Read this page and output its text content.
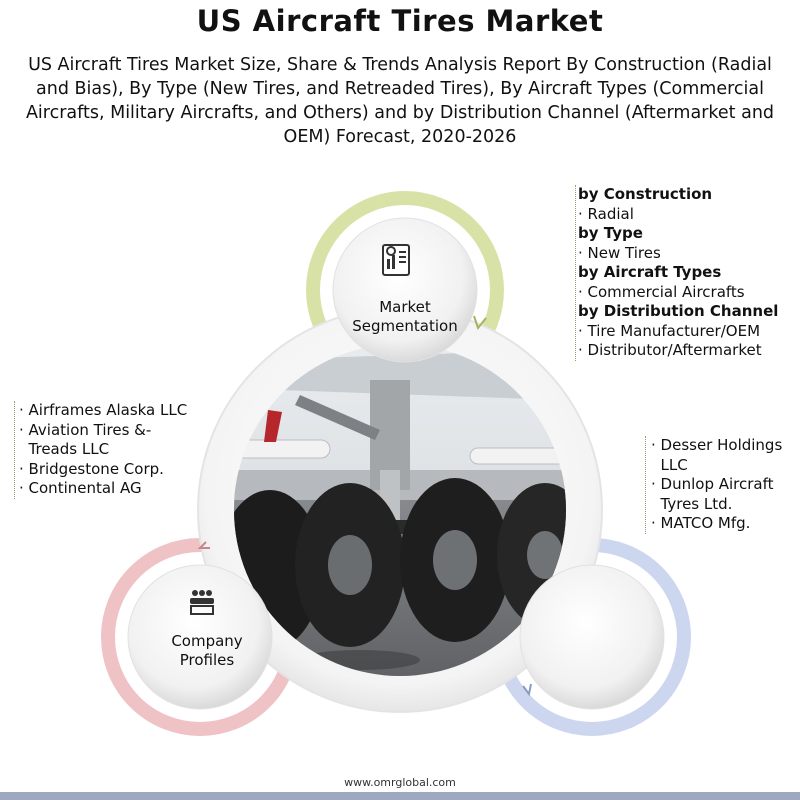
Market
Segmentation
Company
Profiles
US Aircraft Tires Market
US Aircraft Tires Market Size, Share & Trends Analysis Report By Construction (Radial and Bias), By Type (New Tires, and Retreaded Tires), By Aircraft Types (Commercial Aircrafts, Military Aircrafts, and Others) and by Distribution Channel (Aftermarket and OEM) Forecast, 2020-2026
by Construction
· Radial
by Type
· New Tires
by Aircraft Types
· Commercial Aircrafts
by Distribution Channel
· Tire Manufacturer/OEM
· Distributor/Aftermarket
· Airframes Alaska LLC
· Aviation Tires &-
Treads LLC
· Bridgestone Corp.
· Continental AG
· Desser Holdings
LLC
· Dunlop Aircraft
Tyres Ltd.
· MATCO Mfg.
www.omrglobal.com
